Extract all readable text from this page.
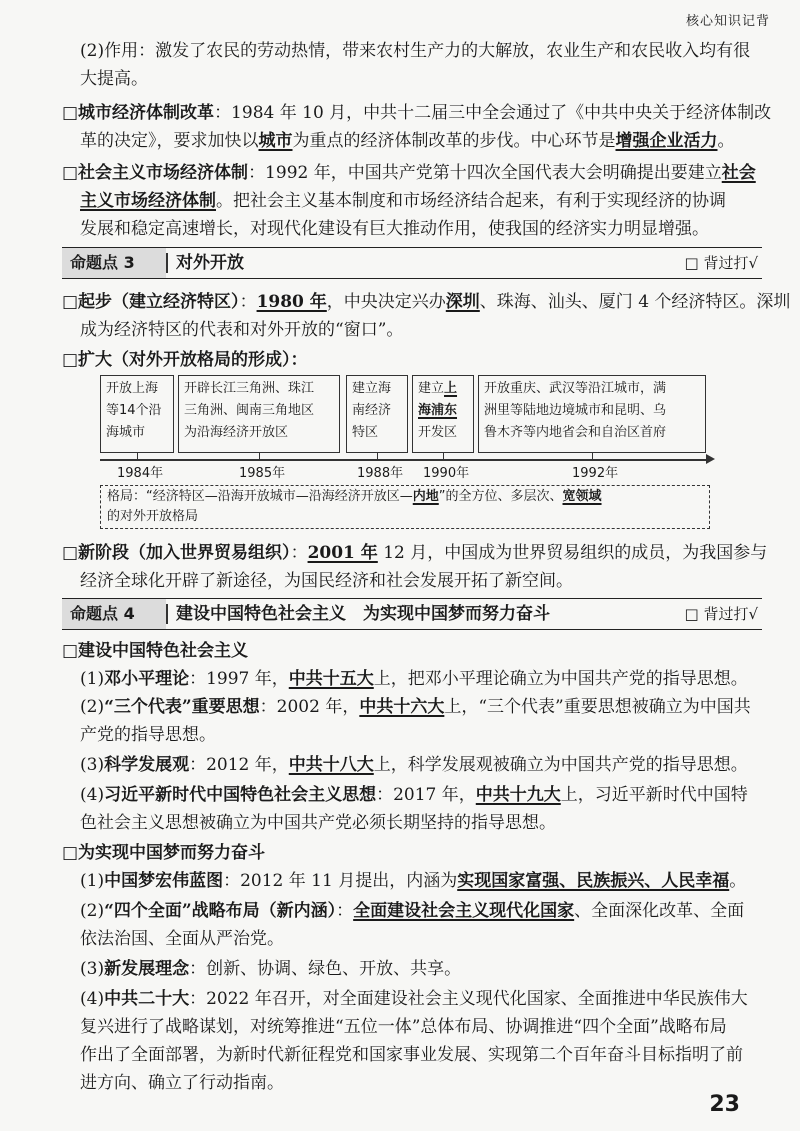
核心知识记背
(2)作用：激发了农民的劳动热情，带来农村生产力的大解放，农业生产和农民收入均有很
大提高。
□城市经济体制改革：1984 年 10 月，中共十二届三中全会通过了《中共中央关于经济体制改
革的决定》，要求加快以城市为重点的经济体制改革的步伐。中心环节是增强企业活力。
□社会主义市场经济体制：1992 年，中国共产党第十四次全国代表大会明确提出要建立社会
主义市场经济体制。把社会主义基本制度和市场经济结合起来，有利于实现经济的协调
发展和稳定高速增长，对现代化建设有巨大推动作用，使我国的经济实力明显增强。
命题点 3	对外开放	□ 背过打√
□起步（建立经济特区）：1980 年，中央决定兴办深圳、珠海、汕头、厦门 4 个经济特区。深圳
成为经济特区的代表和对外开放的“窗口”。
□扩大（对外开放格局的形成）：
开放上海
等14个沿
海城市
开辟长江三角洲、珠江
三角洲、闽南三角地区
为沿海经济开放区
建立海
南经济
特区
建立上
海浦东
开发区
开放重庆、武汉等沿江城市，满
洲里等陆地边境城市和昆明、乌
鲁木齐等内地省会和自治区首府
1984年	1985年	1988年 1990年	1992年
格局：“经济特区—沿海开放城市—沿海经济开放区—内地”的全方位、多层次、宽领域
的对外开放格局
□新阶段（加入世界贸易组织）：2001 年 12 月，中国成为世界贸易组织的成员，为我国参与
经济全球化开辟了新途径，为国民经济和社会发展开拓了新空间。
命题点 4	建设中国特色社会主义　为实现中国梦而努力奋斗	□ 背过打√
□建设中国特色社会主义
(1)邓小平理论：1997 年，中共十五大上，把邓小平理论确立为中国共产党的指导思想。
(2)“三个代表”重要思想：2002 年，中共十六大上，“三个代表”重要思想被确立为中国共
产党的指导思想。
(3)科学发展观：2012 年，中共十八大上，科学发展观被确立为中国共产党的指导思想。
(4)习近平新时代中国特色社会主义思想：2017 年，中共十九大上，习近平新时代中国特
色社会主义思想被确立为中国共产党必须长期坚持的指导思想。
□为实现中国梦而努力奋斗
(1)中国梦宏伟蓝图：2012 年 11 月提出，内涵为实现国家富强、民族振兴、人民幸福。
(2)“四个全面”战略布局（新内涵）：全面建设社会主义现代化国家、全面深化改革、全面
依法治国、全面从严治党。
(3)新发展理念：创新、协调、绿色、开放、共享。
(4)中共二十大：2022 年召开，对全面建设社会主义现代化国家、全面推进中华民族伟大
复兴进行了战略谋划，对统筹推进“五位一体”总体布局、协调推进“四个全面”战略布局
作出了全面部署，为新时代新征程党和国家事业发展、实现第二个百年奋斗目标指明了前
进方向、确立了行动指南。
23
